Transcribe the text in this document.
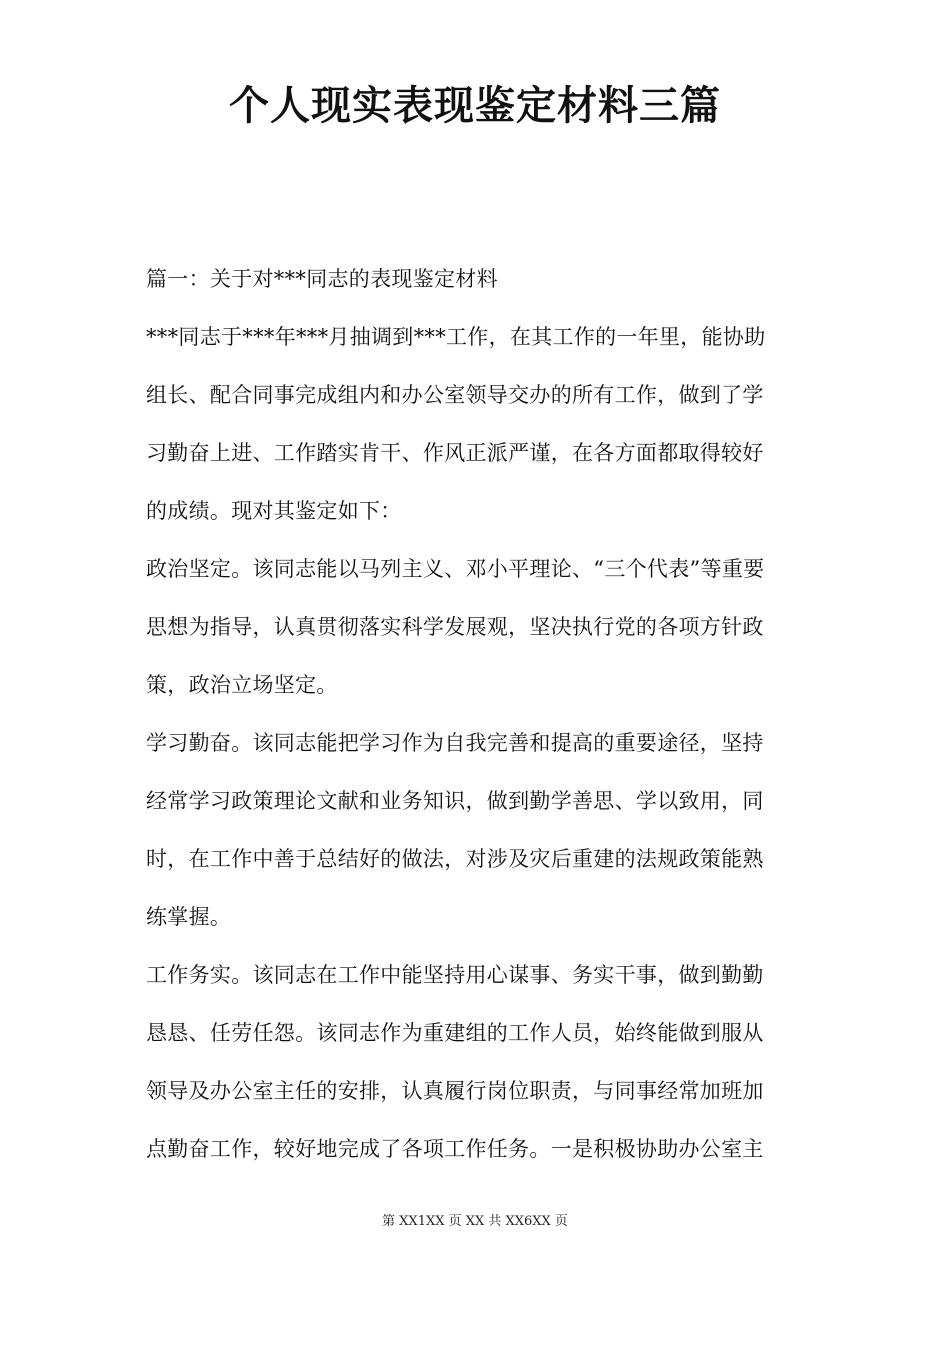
个人现实表现鉴定材料三篇
篇一：关于对***同志的表现鉴定材料
***同志于***年***月抽调到***工作，在其工作的一年里，能协助
组长、配合同事完成组内和办公室领导交办的所有工作，做到了学
习勤奋上进、工作踏实肯干、作风正派严谨，在各方面都取得较好
的成绩。现对其鉴定如下：
政治坚定。该同志能以马列主义、邓小平理论、“三个代表”等重要
思想为指导，认真贯彻落实科学发展观，坚决执行党的各项方针政
策，政治立场坚定。
学习勤奋。该同志能把学习作为自我完善和提高的重要途径，坚持
经常学习政策理论文献和业务知识，做到勤学善思、学以致用，同
时，在工作中善于总结好的做法，对涉及灾后重建的法规政策能熟
练掌握。
工作务实。该同志在工作中能坚持用心谋事、务实干事，做到勤勤
恳恳、任劳任怨。该同志作为重建组的工作人员，始终能做到服从
领导及办公室主任的安排，认真履行岗位职责，与同事经常加班加
点勤奋工作，较好地完成了各项工作任务。一是积极协助办公室主
第 XX1XX 页 XX 共 XX6XX 页
